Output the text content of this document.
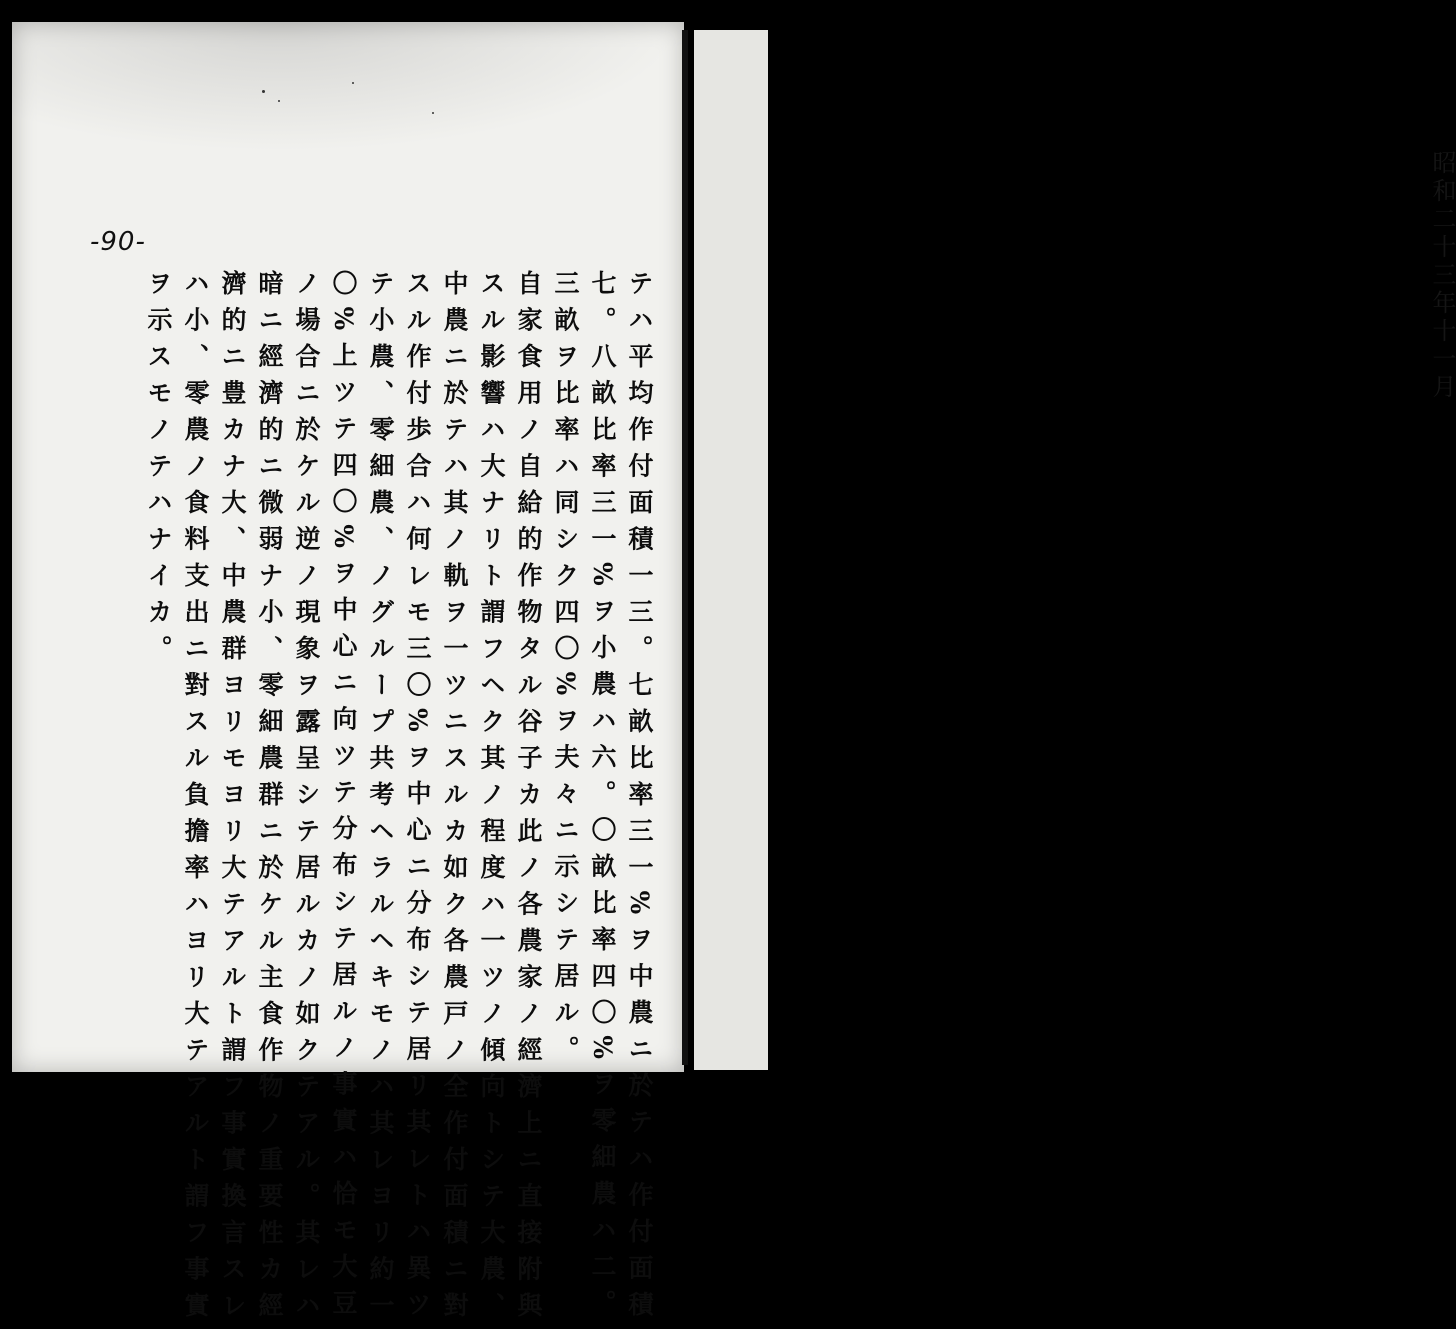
-90-
テハ平均作付面積一三。七畝比率三一%ヲ中農ニ於テハ作付面積
七。八畝比率三一%ヲ小農ハ六。〇畝比率四〇%ヲ零細農ハ二。
三畝ヲ比率ハ同シク四〇%ヲ夫々ニ示シテ居ル。
自家食用ノ自給的作物タル谷子カ此ノ各農家ノ經濟上ニ直接附與
スル影響ハ大ナリト謂フヘク其ノ程度ハ一ツノ傾向トシテ大農、
中農ニ於テハ其ノ軌ヲ一ツニスルカ如ク各農戸ノ全作付面積ニ對
スル作付歩合ハ何レモ三〇%ヲ中心ニ分布シテ居リ其レトハ異ツ
テ小農、零細農、ノグループ共考ヘラルヘキモノハ其レヨリ約一
〇%上ツテ四〇%ヲ中心ニ向ツテ分布シテ居ルノ事實ハ恰モ大豆
ノ場合ニ於ケル逆ノ現象ヲ露呈シテ居ルカノ如クテアル。其レハ
暗ニ經濟的ニ微弱ナ小、零細農群ニ於ケル主食作物ノ重要性カ經
濟的ニ豊カナ大、中農群ヨリモヨリ大テアルト謂フ事實換言スレ
ハ小、零農ノ食料支出ニ對スル負擔率ハヨリ大テアルト謂フ事實
ヲ示スモノテハナイカ。	昭和二十三年十一月
